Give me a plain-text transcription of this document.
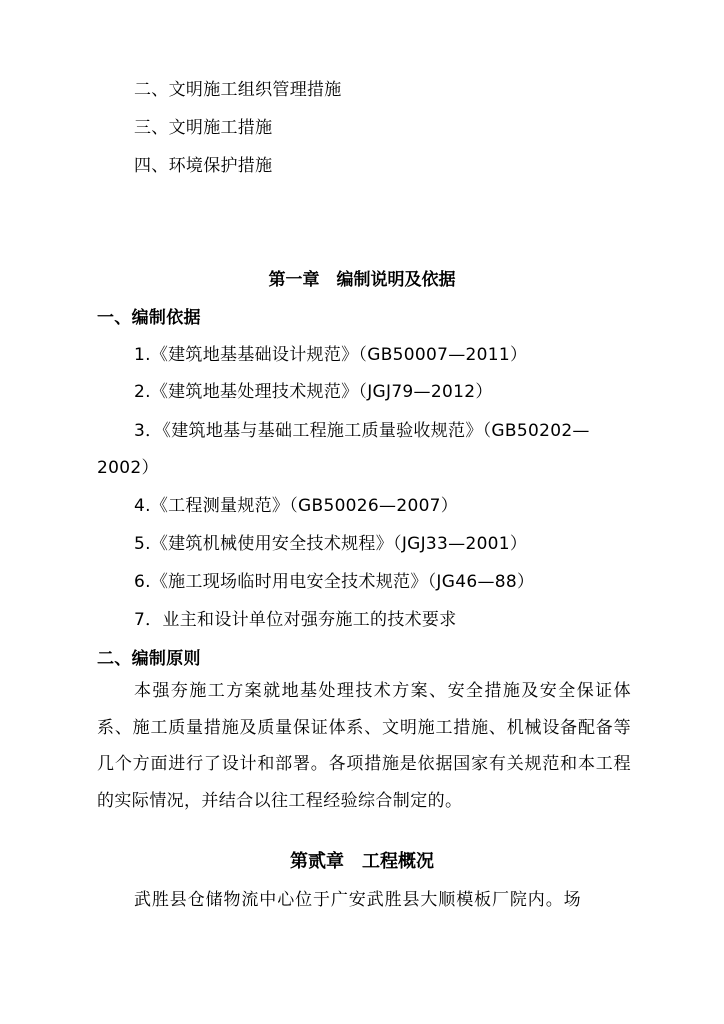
二、文明施工组织管理措施
三、文明施工措施
四、环境保护措施
第一章　编制说明及依据
一、编制依据
1.《建筑地基基础设计规范》（GB50007—2011）
2.《建筑地基处理技术规范》（JGJ79—2012）
3．《建筑地基与基础工程施工质量验收规范》（GB50202—
2002）
4.《工程测量规范》（GB50026—2007）
5.《建筑机械使用安全技术规程》（JGJ33—2001）
6.《施工现场临时用电安全技术规范》（JG46—88）
7．业主和设计单位对强夯施工的技术要求
二、编制原则
本强夯施工方案就地基处理技术方案、安全措施及安全保证体系、施工质量措施及质量保证体系、文明施工措施、机械设备配备等几个方面进行了设计和部署。各项措施是依据国家有关规范和本工程的实际情况，并结合以往工程经验综合制定的。
第贰章　工程概况
武胜县仓储物流中心位于广安武胜县大顺模板厂院内。场
